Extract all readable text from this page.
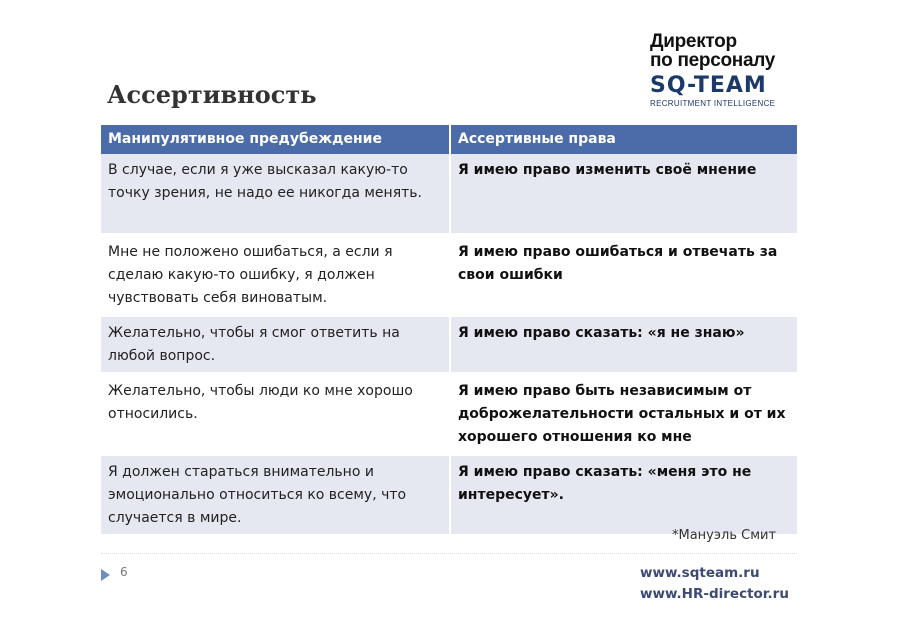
Ассертивность
Директор
по персоналу
SQ-TEAM
RECRUITMENT INTELLIGENCE
Манипулятивное предубеждение	Ассертивные права
В случае, если я уже высказал какую-то точку зрения, не надо ее никогда менять.	Я имею право изменить своё мнение
Мне не положено ошибаться, а если я сделаю какую-то ошибку, я должен чувствовать себя виноватым.	Я имею право ошибаться и отвечать за свои ошибки
Желательно, чтобы я смог ответить на любой вопрос.	Я имею право сказать: «я не знаю»
Желательно, чтобы люди ко мне хорошо относились.	Я имею право быть независимым от доброжелательности остальных и от их хорошего отношения ко мне
Я должен стараться внимательно и эмоционально относиться ко всему, что случается в мире.	Я имею право сказать: «меня это не интересует».
*Мануэль Смит
6	www.sqteam.ru
www.HR-director.ru
